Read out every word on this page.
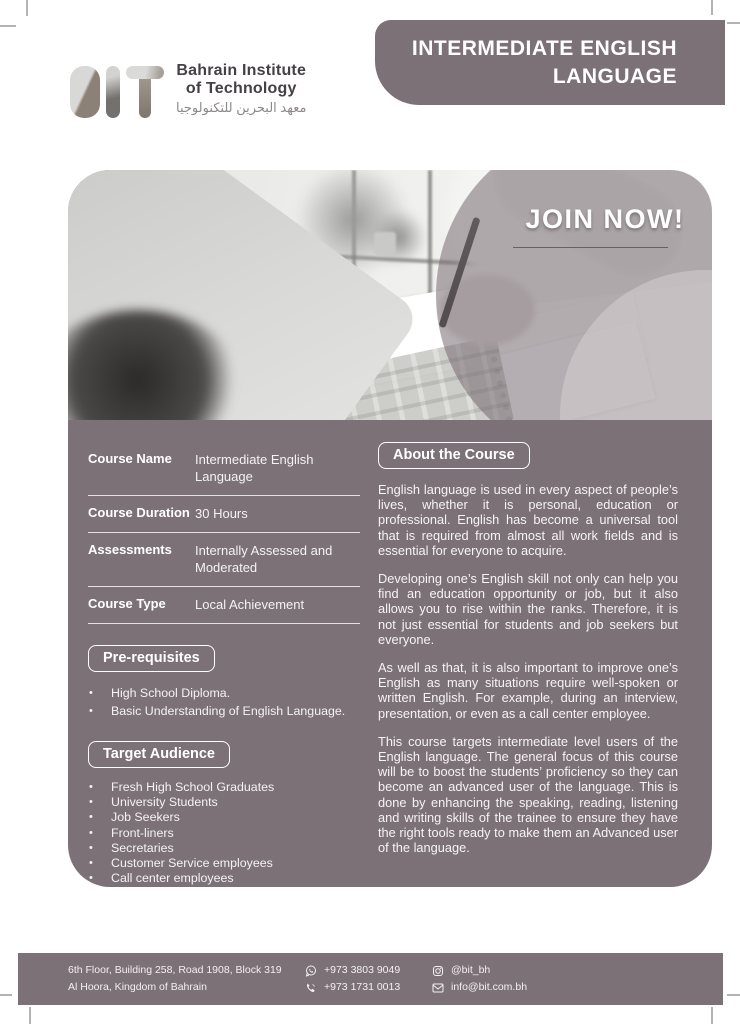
Bahrain Institute
of Technology
معهد البحرين للتكنولوجيا
INTERMEDIATE ENGLISH
LANGUAGE
JOIN NOW!
Course Name	Intermediate English Language
Course Duration 30 Hours
Assessments	Internally Assessed and Moderated
Course Type	Local Achievement
Pre-requisites
• High School Diploma.
• Basic Understanding of English Language.
Target Audience
• Fresh High School Graduates
• University Students
• Job Seekers
• Front-liners
• Secretaries
• Customer Service employees
• Call center employees
About the Course

English language is used in every aspect of people’s lives, whether it is personal, education or professional. English has become a universal tool that is required from almost all work fields and is essential for everyone to acquire.

Developing one’s English skill not only can help you find an education opportunity or job, but it also allows you to rise within the ranks. Therefore, it is not just essential for students and job seekers but everyone.

As well as that, it is also important to improve one’s English as many situations require well-spoken or written English. For example, during an interview, presentation, or even as a call center employee.

This course targets intermediate level users of the English language. The general focus of this course will be to boost the students’ proficiency so they can become an advanced user of the language. This is done by enhancing the speaking, reading, listening and writing skills of the trainee to ensure they have the right tools ready to make them an Advanced user of the language.

6th Floor, Building 258, Road 1908, Block 319
Al Hoora, Kingdom of Bahrain
+973 3803 9049
+973 1731 0013
@bit_bh
info@bit.com.bh
